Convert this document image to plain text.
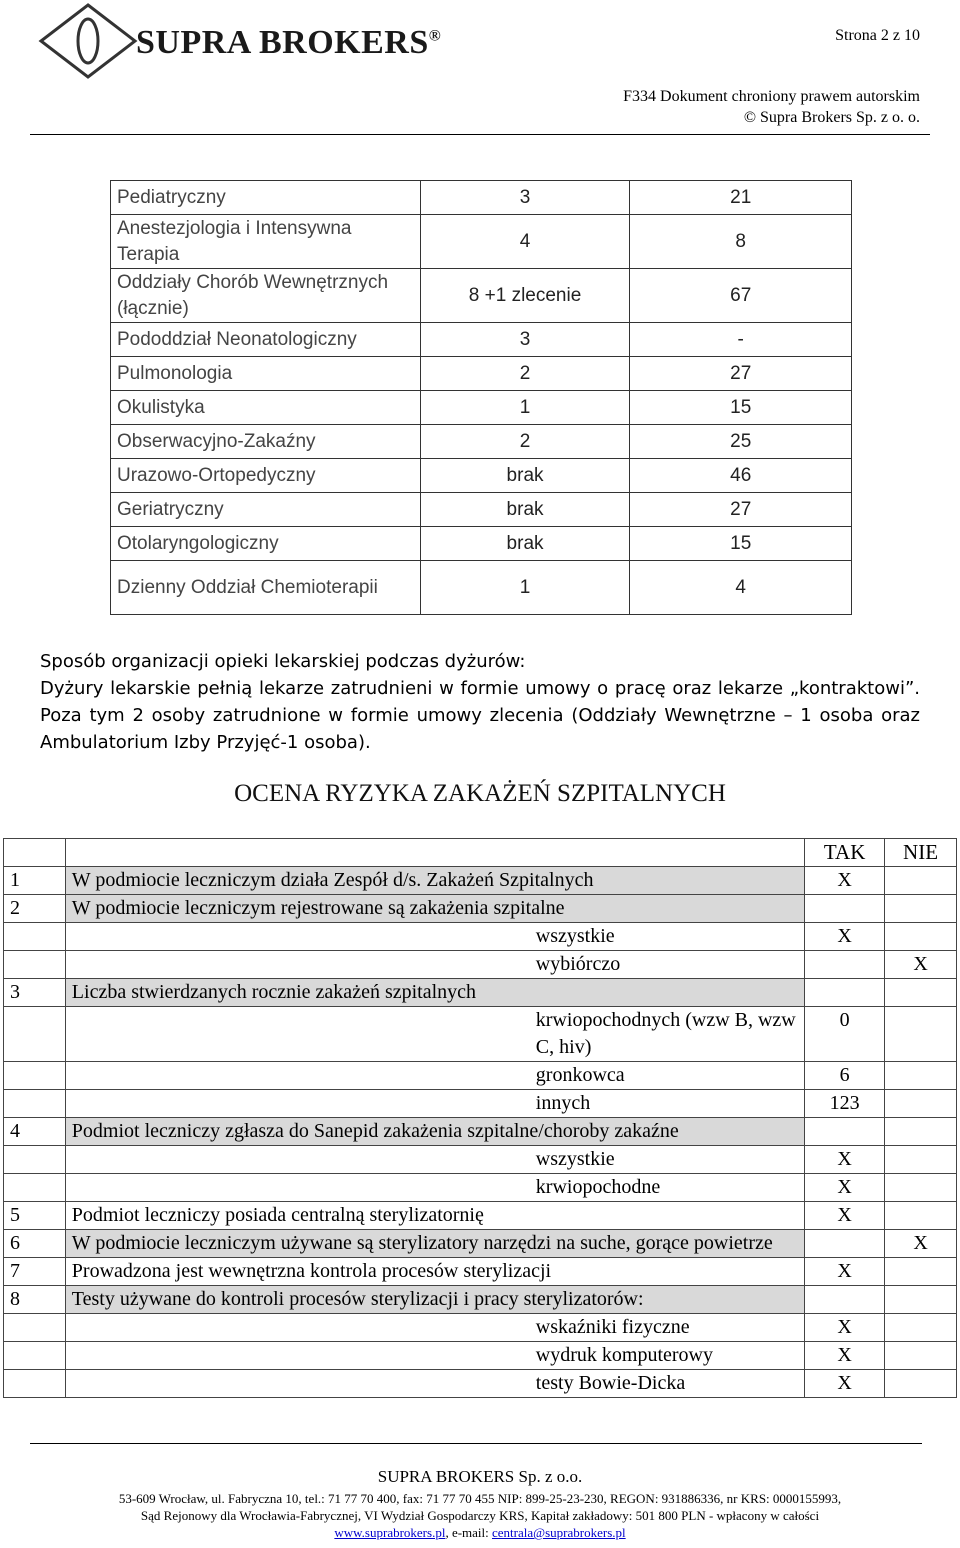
SUPRA BROKERS®	Strona 2 z 10
F334 Dokument chroniony prawem autorskim
© Supra Brokers Sp. z o. o.
Pediatryczny	3	21
Anestezjologia i Intensywna Terapia	4	8
Oddziały Chorób Wewnętrznych (łącznie)	8 +1 zlecenie	67
Pododdział Neonatologiczny	3	-
Pulmonologia	2	27
Okulistyka	1	15
Obserwacyjno-Zakaźny	2	25
Urazowo-Ortopedyczny	brak	46
Geriatryczny	brak	27
Otolaryngologiczny	brak	15
Dzienny Oddział Chemioterapii	1	4
Sposób organizacji opieki lekarskiej podczas dyżurów:
Dyżury lekarskie pełnią lekarze zatrudnieni w formie umowy o pracę oraz lekarze „kontraktowi”. Poza tym 2 osoby zatrudnione w formie umowy zlecenia (Oddziały Wewnętrzne – 1 osoba oraz Ambulatorium Izby Przyjęć-1 osoba).
OCENA RYZYKA ZAKAŻEŃ SZPITALNYCH
		TAK	NIE
1	W podmiocie leczniczym działa Zespół d/s. Zakażeń Szpitalnych	X	
2	W podmiocie leczniczym rejestrowane są zakażenia szpitalne		
	wszystkie	X	
	wybiórczo		X
3	Liczba stwierdzanych rocznie zakażeń szpitalnych		
	krwiopochodnych (wzw B, wzw C, hiv)	0	
	gronkowca	6	
	innych	123	
4	Podmiot leczniczy zgłasza do Sanepid zakażenia szpitalne/choroby zakaźne		
	wszystkie	X	
	krwiopochodne	X	
5	Podmiot leczniczy posiada centralną sterylizatornię	X	
6	W podmiocie leczniczym używane są sterylizatory narzędzi na suche, gorące powietrze		X
7	Prowadzona jest wewnętrzna kontrola procesów sterylizacji	X	
8	Testy używane do kontroli procesów sterylizacji i pracy sterylizatorów:		
	wskaźniki fizyczne	X	
	wydruk komputerowy	X	
	testy Bowie-Dicka	X	
SUPRA BROKERS Sp. z o.o.
53-609 Wrocław, ul. Fabryczna 10, tel.: 71 77 70 400, fax: 71 77 70 455 NIP: 899-25-23-230, REGON: 931886336, nr KRS: 0000155993,
Sąd Rejonowy dla Wrocławia-Fabrycznej, VI Wydział Gospodarczy KRS, Kapitał zakładowy: 501 800 PLN - wpłacony w całości
www.suprabrokers.pl, e-mail: centrala@suprabrokers.pl
